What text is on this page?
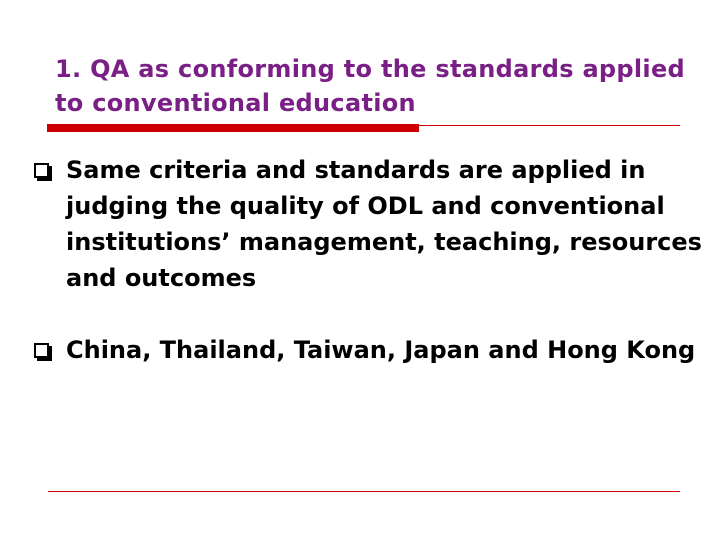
1. QA as conforming to the standards applied to conventional education
Same criteria and standards are applied in judging the quality of ODL and conventional institutions’ management, teaching, resources and outcomes
China, Thailand, Taiwan, Japan and Hong Kong
